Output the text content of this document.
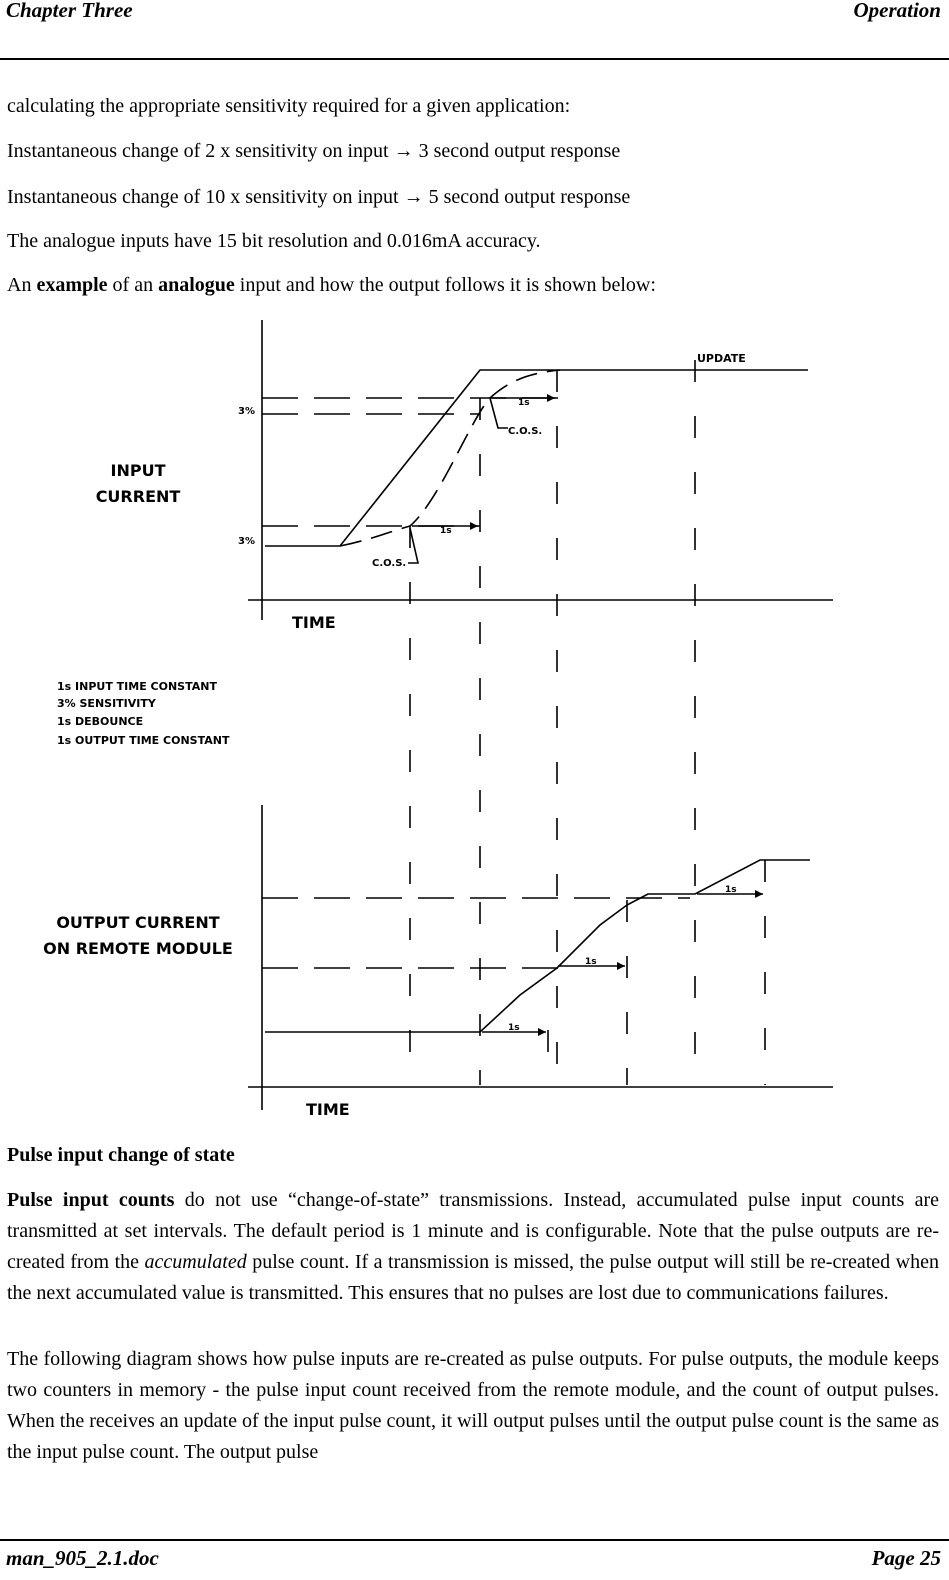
Chapter Three	Operation
calculating the appropriate sensitivity required for a given application:
Instantaneous change of 2 x sensitivity on input → 3 second output response
Instantaneous change of 10 x sensitivity on input → 5 second output response
The analogue inputs have 15 bit resolution and 0.016mA accuracy.
An example of an analogue input and how the output follows it is shown below:
UPDATE
3%
3%
C.O.S.
C.O.S.
1s
1s
1s
1s
1s
INPUT
CURRENT
TIME
1s INPUT TIME CONSTANT
3% SENSITIVITY
1s DEBOUNCE
1s OUTPUT TIME CONSTANT
OUTPUT CURRENT
ON REMOTE MODULE
TIME
Pulse input change of state
Pulse input counts do not use “change-of-state” transmissions. Instead, accumulated pulse input counts are transmitted at set intervals. The default period is 1 minute and is configurable. Note that the pulse outputs are re-created from the accumulated pulse count. If a transmission is missed, the pulse output will still be re-created when the next accumulated value is transmitted. This ensures that no pulses are lost due to communications failures.
The following diagram shows how pulse inputs are re-created as pulse outputs. For pulse outputs, the module keeps two counters in memory - the pulse input count received from the remote module, and the count of output pulses. When the receives an update of the input pulse count, it will output pulses until the output pulse count is the same as the input pulse count. The output pulse
man_905_2.1.doc	Page 25
